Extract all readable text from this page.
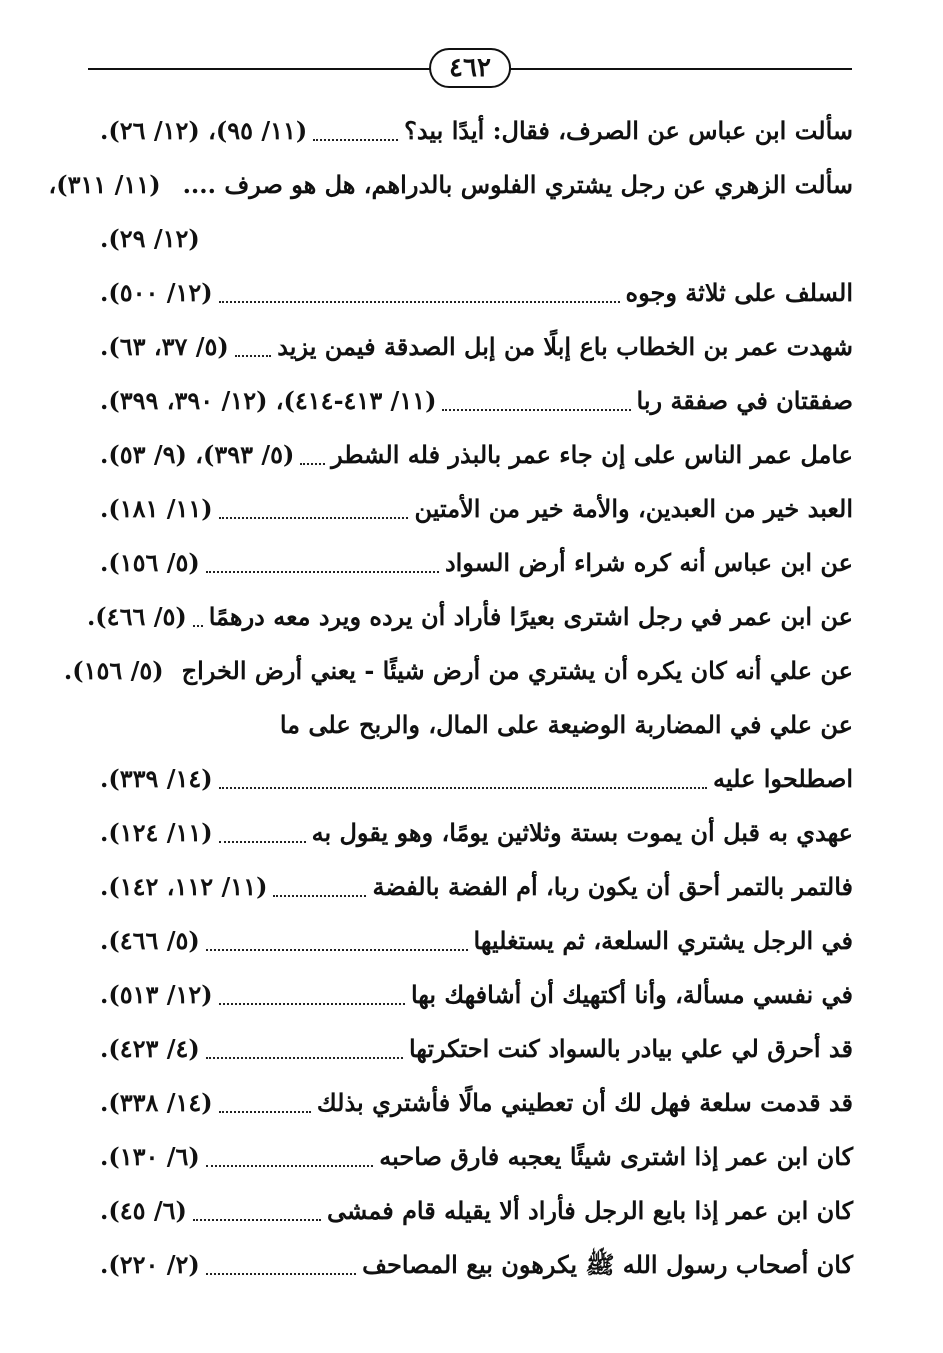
٤٦٢
سألت ابن عباس عن الصرف، فقال: أيدًا بيد؟
(١١/ ٩٥)، (١٢/ ٢٦).
سألت الزهري عن رجل يشتري الفلوس بالدراهم، هل هو صرف ....
(١١/ ٣١١)،
(١٢/ ٢٩).
السلف على ثلاثة وجوه
(١٢/ ٥٠٠).
شهدت عمر بن الخطاب باع إبلًا من إبل الصدقة فيمن يزيد
(٥/ ٣٧، ٦٣).
صفقتان في صفقة ربا
(١١/ ٤١٣-٤١٤)، (١٢/ ٣٩٠، ٣٩٩).
عامل عمر الناس على إن جاء عمر بالبذر فله الشطر
(٥/ ٣٩٣)، (٩/ ٥٣).
العبد خير من العبدين، والأمة خير من الأمتين
(١١/ ١٨١).
عن ابن عباس أنه كره شراء أرض السواد
(٥/ ١٥٦).
عن ابن عمر في رجل اشترى بعيرًا فأراد أن يرده ويرد معه درهمًا
(٥/ ٤٦٦).
عن علي أنه كان يكره أن يشتري من أرض شيئًا - يعني أرض الخراج
(٥/ ١٥٦).
عن علي في المضاربة الوضيعة على المال، والربح على ما
اصطلحوا عليه
(١٤/ ٣٣٩).
عهدي به قبل أن يموت بستة وثلاثين يومًا، وهو يقول به
(١١/ ١٢٤).
فالتمر بالتمر أحق أن يكون ربا، أم الفضة بالفضة
(١١/ ١١٢، ١٤٢).
في الرجل يشتري السلعة، ثم يستغليها
(٥/ ٤٦٦).
في نفسي مسألة، وأنا أكتهيك أن أشافهك بها
(١٢/ ٥١٣).
قد أحرق لي علي بيادر بالسواد كنت احتكرتها
(٤/ ٤٢٣).
قد قدمت سلعة فهل لك أن تعطيني مالًا فأشتري بذلك
(١٤/ ٣٣٨).
كان ابن عمر إذا اشترى شيئًا يعجبه فارق صاحبه
(٦/ ١٣٠).
كان ابن عمر إذا بايع الرجل فأراد ألا يقيله قام فمشى
(٦/ ٤٥).
كان أصحاب رسول الله ﷺ يكرهون بيع المصاحف
(٢/ ٢٢٠).
